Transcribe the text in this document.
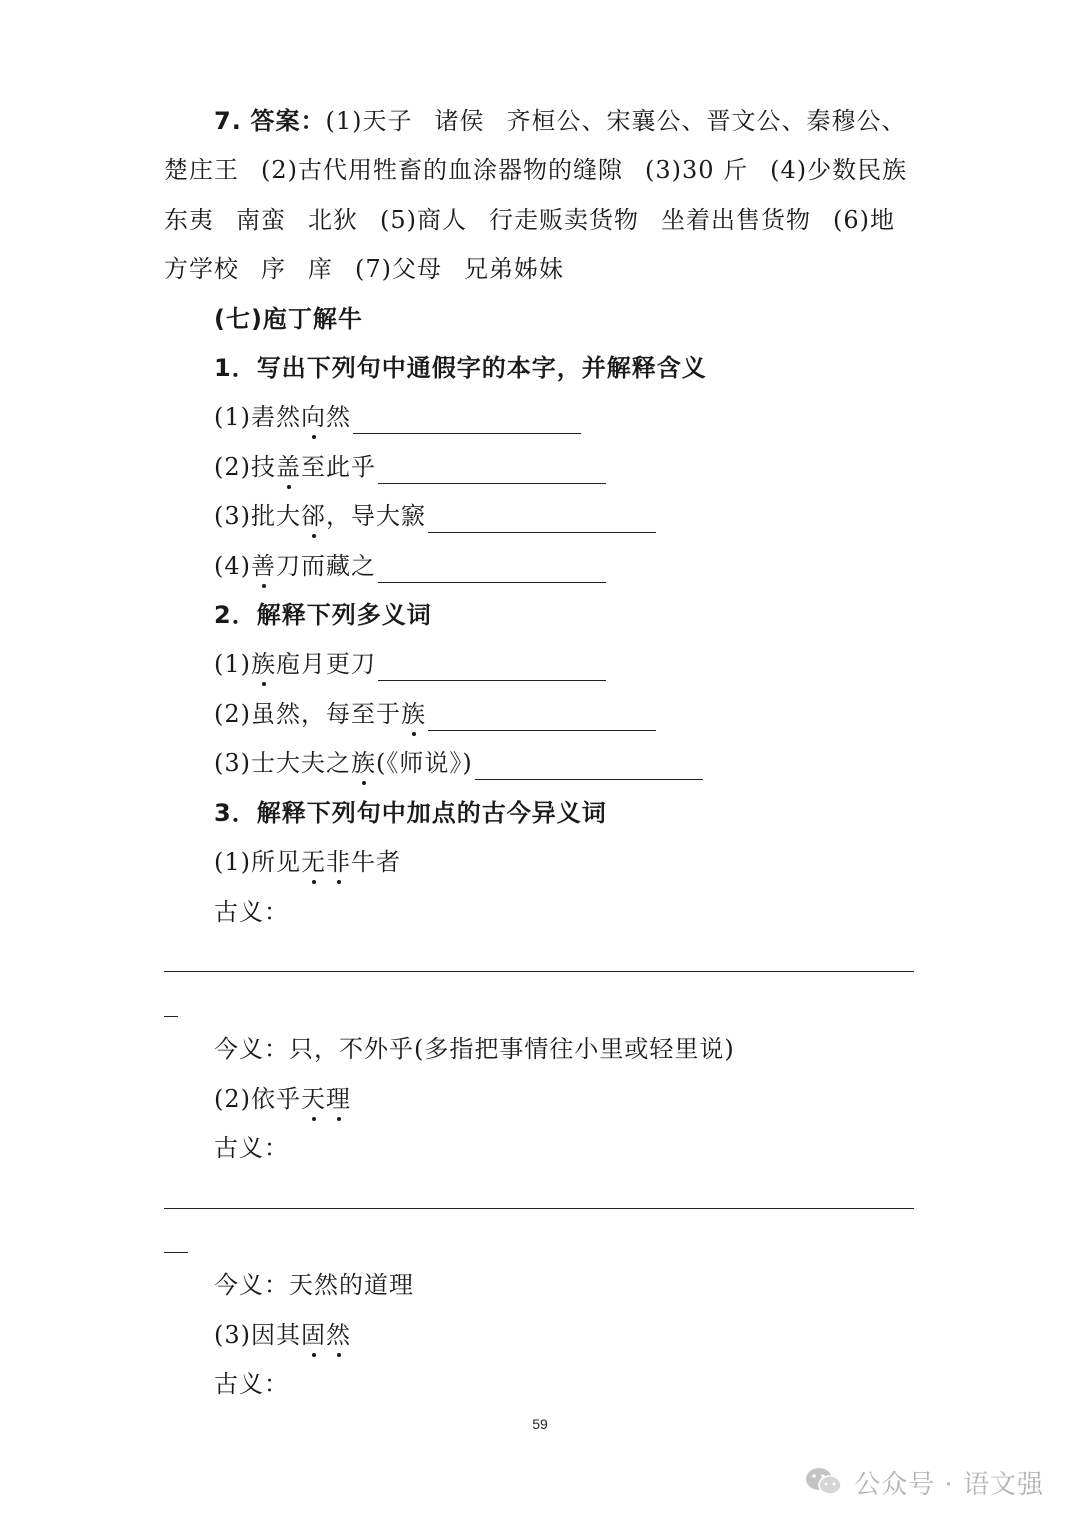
7. 答案：(1)天子 诸侯 齐桓公、宋襄公、晋文公、秦穆公、
楚庄王 (2)古代用牲畜的血涂器物的缝隙 (3)30 斤 (4)少数民族
东夷 南蛮 北狄 (5)商人 行走贩卖货物 坐着出售货物 (6)地
方学校 序 庠 (7)父母 兄弟姊妹
(七)庖丁解牛
1．写出下列句中通假字的本字，并解释含义
(1)砉然向然
(2)技盖至此乎
(3)批大郤，导大窾
(4)善刀而藏之
2．解释下列多义词
(1)族庖月更刀
(2)虽然，每至于族
(3)士大夫之族(《师说》)
3．解释下列句中加点的古今异义词
(1)所见无非牛者
古义：
今义：只，不外乎(多指把事情往小里或轻里说)
(2)依乎天理
古义：
今义：天然的道理
(3)因其固然
古义：
59
公众号 · 语文强
